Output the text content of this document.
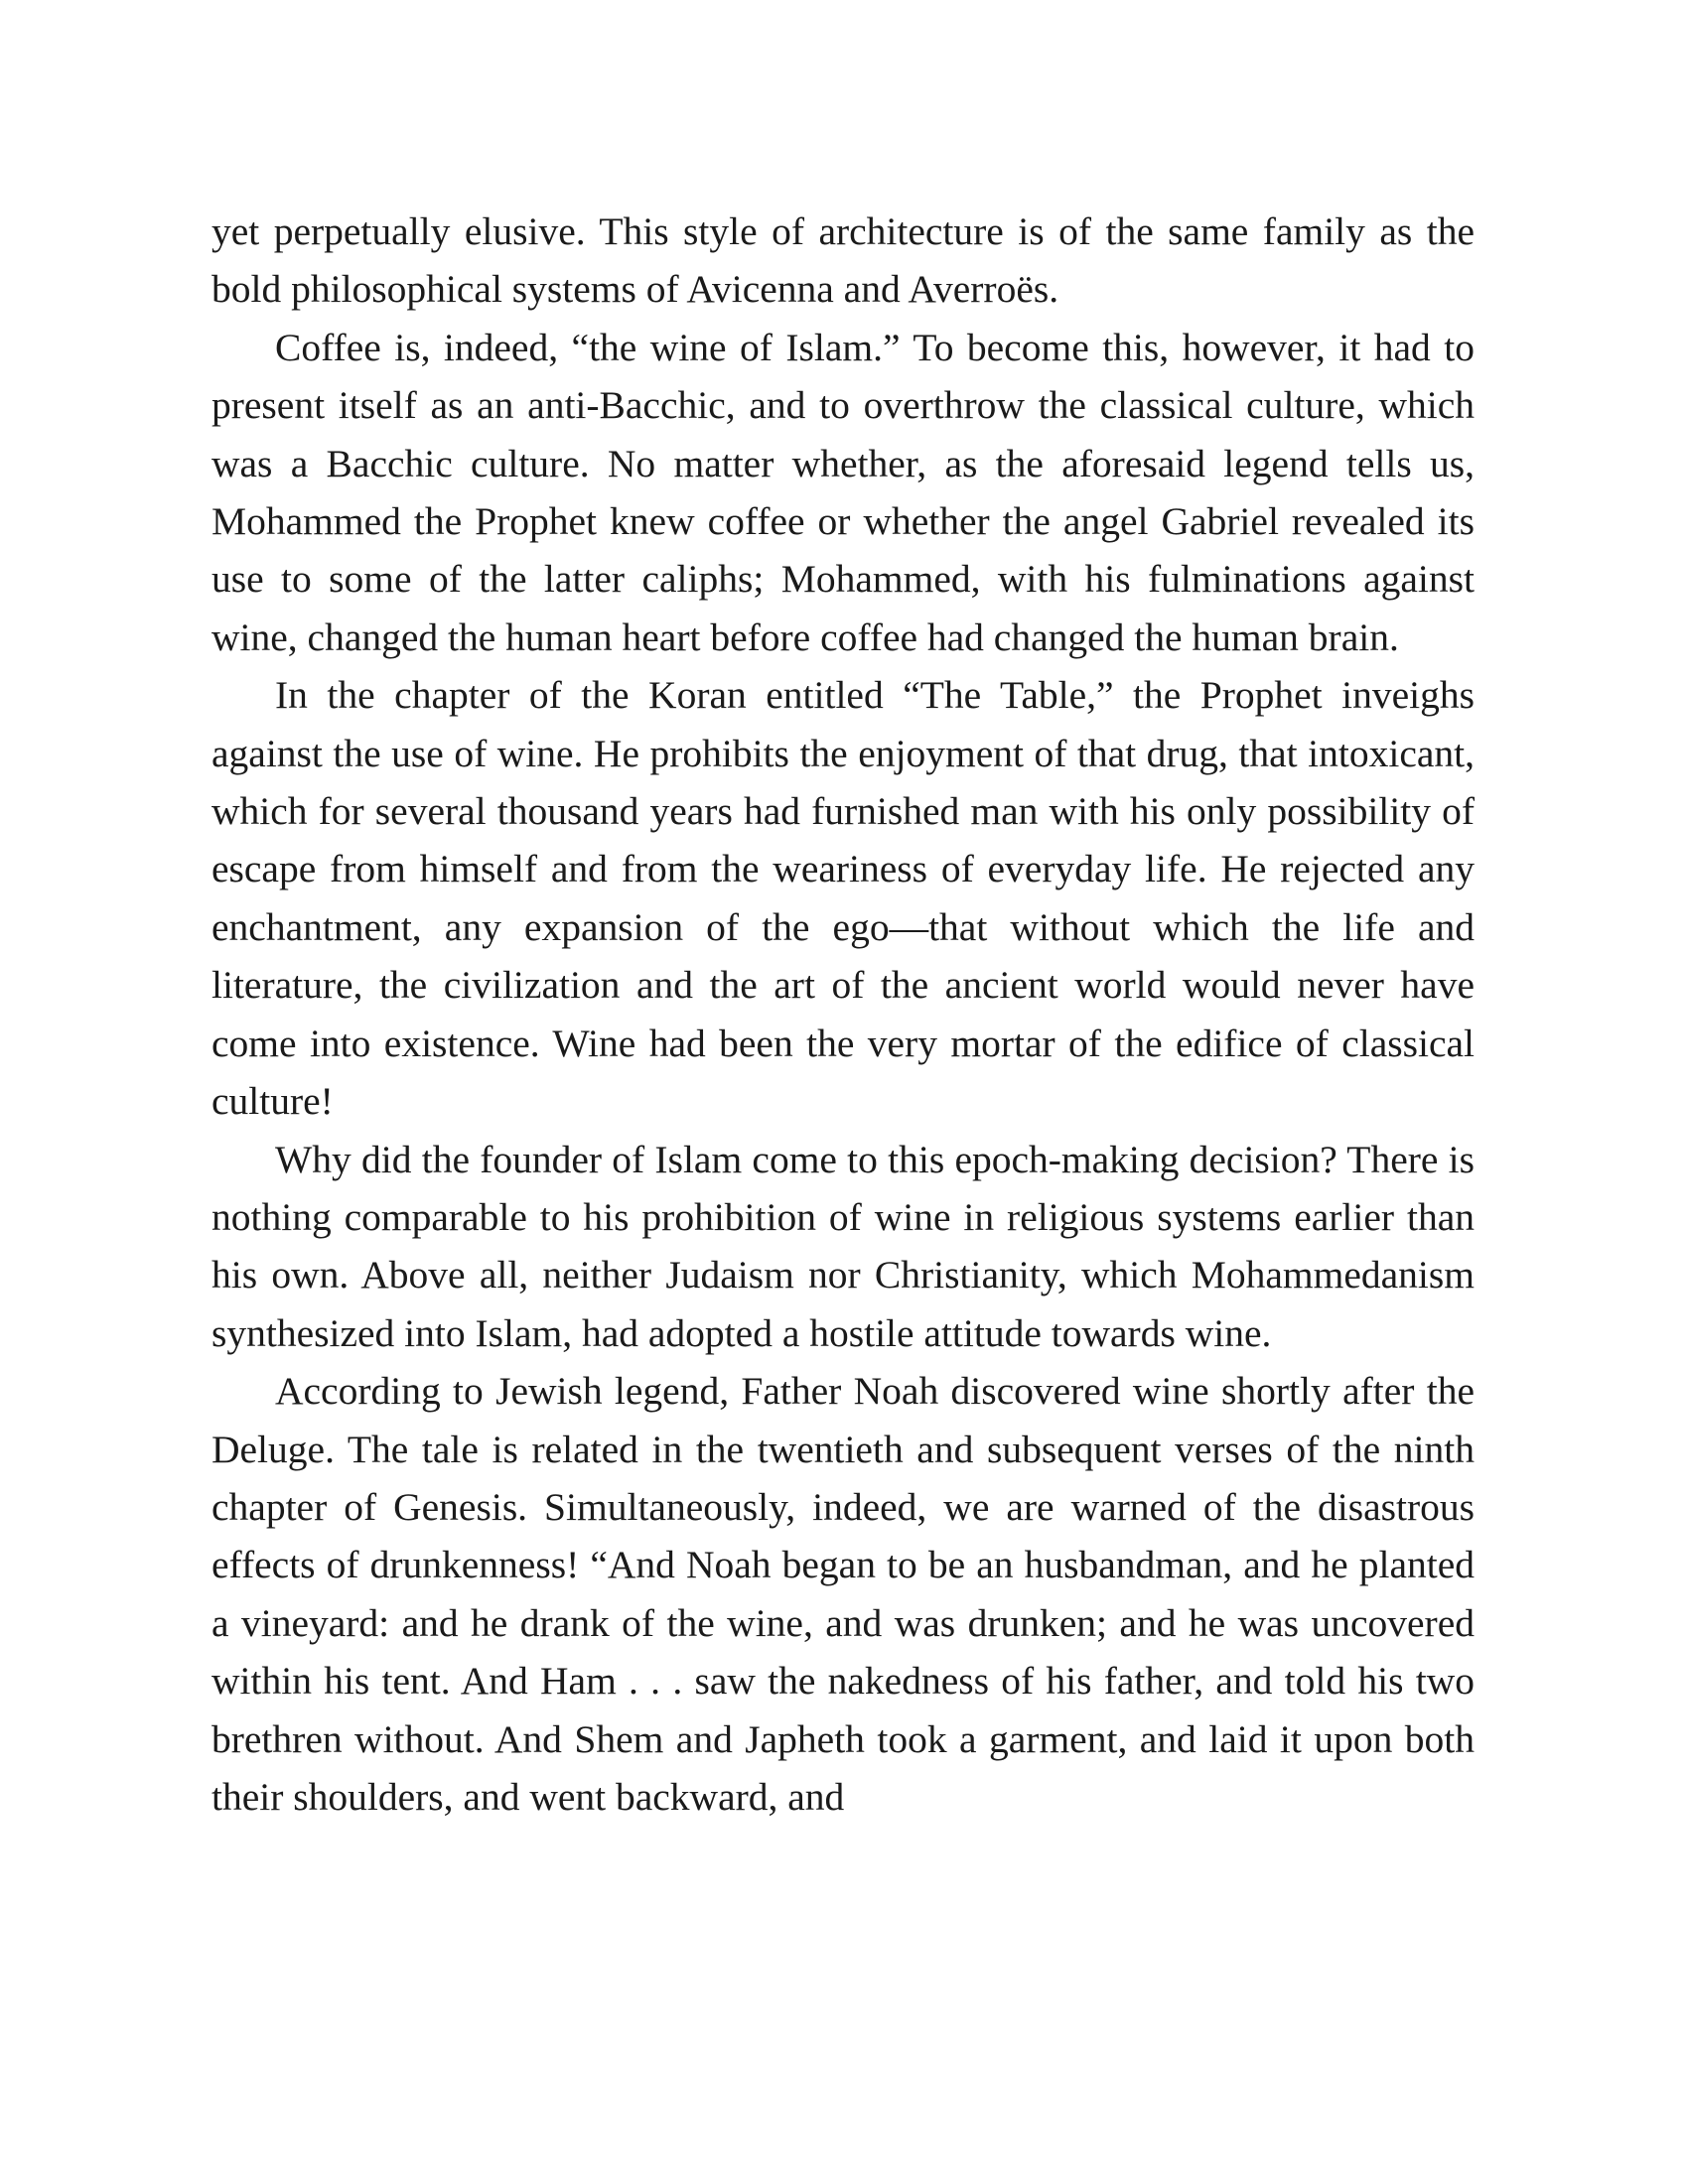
yet perpetually elusive. This style of architecture is of the same family as the bold philosophical systems of Avicenna and Averroës.

Coffee is, indeed, “the wine of Islam.” To become this, however, it had to present itself as an anti-Bacchic, and to overthrow the classical culture, which was a Bacchic culture. No matter whether, as the aforesaid legend tells us, Mohammed the Prophet knew coffee or whether the angel Gabriel revealed its use to some of the latter caliphs; Mohammed, with his fulminations against wine, changed the human heart before coffee had changed the human brain.

In the chapter of the Koran entitled “The Table,” the Prophet inveighs against the use of wine. He prohibits the enjoyment of that drug, that intoxicant, which for several thousand years had furnished man with his only possibility of escape from himself and from the weariness of everyday life. He rejected any enchantment, any expansion of the ego—that without which the life and literature, the civilization and the art of the ancient world would never have come into existence. Wine had been the very mortar of the edifice of classical culture!

Why did the founder of Islam come to this epoch-making decision? There is nothing comparable to his prohibition of wine in religious systems earlier than his own. Above all, neither Judaism nor Christianity, which Mohammedanism synthesized into Islam, had adopted a hostile attitude towards wine.

According to Jewish legend, Father Noah discovered wine shortly after the Deluge. The tale is related in the twentieth and subsequent verses of the ninth chapter of Genesis. Simultaneously, indeed, we are warned of the disastrous effects of drunkenness! “And Noah began to be an husbandman, and he planted a vineyard: and he drank of the wine, and was drunken; and he was uncovered within his tent. And Ham . . . saw the nakedness of his father, and told his two brethren without. And Shem and Japheth took a garment, and laid it upon both their shoulders, and went backward, and
